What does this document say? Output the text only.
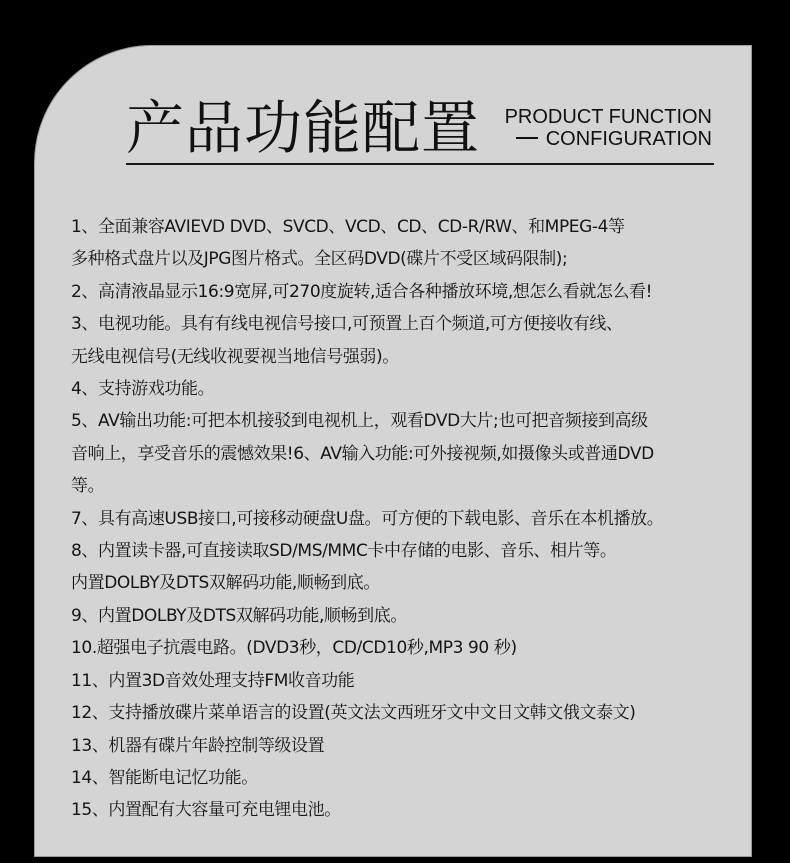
产品功能配置 PRODUCT FUNCTION
CONFIGURATION
1、全面兼容AVIEVD DVD、SVCD、VCD、CD、CD-R/RW、和MPEG-4等
多种格式盘片以及JPG图片格式。全区码DVD(碟片不受区域码限制);
2、高清液晶显示16:9宽屏,可270度旋转,适合各种播放环境,想怎么看就怎么看!
3、电视功能。具有有线电视信号接口,可预置上百个频道,可方便接收有线、
无线电视信号(无线收视要视当地信号强弱)。
4、支持游戏功能。
5、AV输出功能:可把本机接驳到电视机上，观看DVD大片;也可把音频接到高级
音响上，享受音乐的震憾效果!6、AV输入功能:可外接视频,如摄像头或普通DVD
等。
7、具有高速USB接口,可接移动硬盘U盘。可方便的下载电影、音乐在本机播放。
8、内置读卡器,可直接读取SD/MS/MMC卡中存储的电影、音乐、相片等。
内置DOLBY及DTS双解码功能,顺畅到底。
9、内置DOLBY及DTS双解码功能,顺畅到底。
10.超强电子抗震电路。(DVD3秒，CD/CD10秒,MP3 90 秒)
11、内置3D音效处理支持FM收音功能
12、支持播放碟片菜单语言的设置(英文法文西班牙文中文日文韩文俄文泰文)
13、机器有碟片年龄控制等级设置
14、智能断电记忆功能。
15、内置配有大容量可充电锂电池。
